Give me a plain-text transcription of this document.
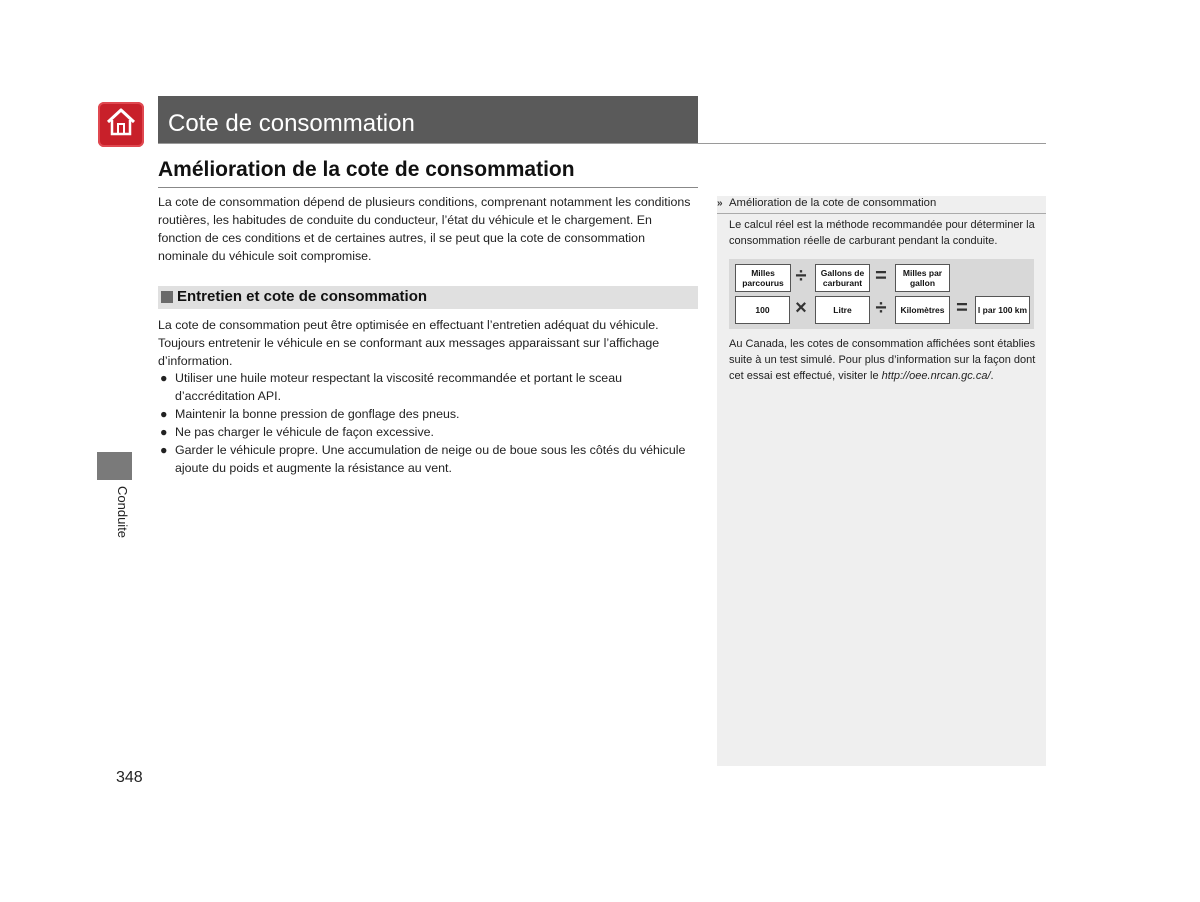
Cote de consommation
Amélioration de la cote de consommation
La cote de consommation dépend de plusieurs conditions, comprenant notamment les conditions routières, les habitudes de conduite du conducteur, l’état du véhicule et le chargement. En fonction de ces conditions et de certaines autres, il se peut que la cote de consommation nominale du véhicule soit compromise.
Entretien et cote de consommation
La cote de consommation peut être optimisée en effectuant l’entretien adéquat du véhicule. Toujours entretenir le véhicule en se conformant aux messages apparaissant sur l’affichage d’information.
● Utiliser une huile moteur respectant la viscosité recommandée et portant le sceau d’accréditation API.
● Maintenir la bonne pression de gonflage des pneus.
● Ne pas charger le véhicule de façon excessive.
● Garder le véhicule propre. Une accumulation de neige ou de boue sous les côtés du véhicule ajoute du poids et augmente la résistance au vent.
Conduite
348
» Amélioration de la cote de consommation
Le calcul réel est la méthode recommandée pour déterminer la consommation réelle de carburant pendant la conduite.
Au Canada, les cotes de consommation affichées sont établies suite à un test simulé. Pour plus d’information sur la façon dont cet essai est effectué, visiter le http://oee.nrcan.gc.ca/.
Milles parcourus ÷	Gallons de carburant =	Milles par gallon
100	×	Litre	÷	Kilomètres =	l par 100 km
